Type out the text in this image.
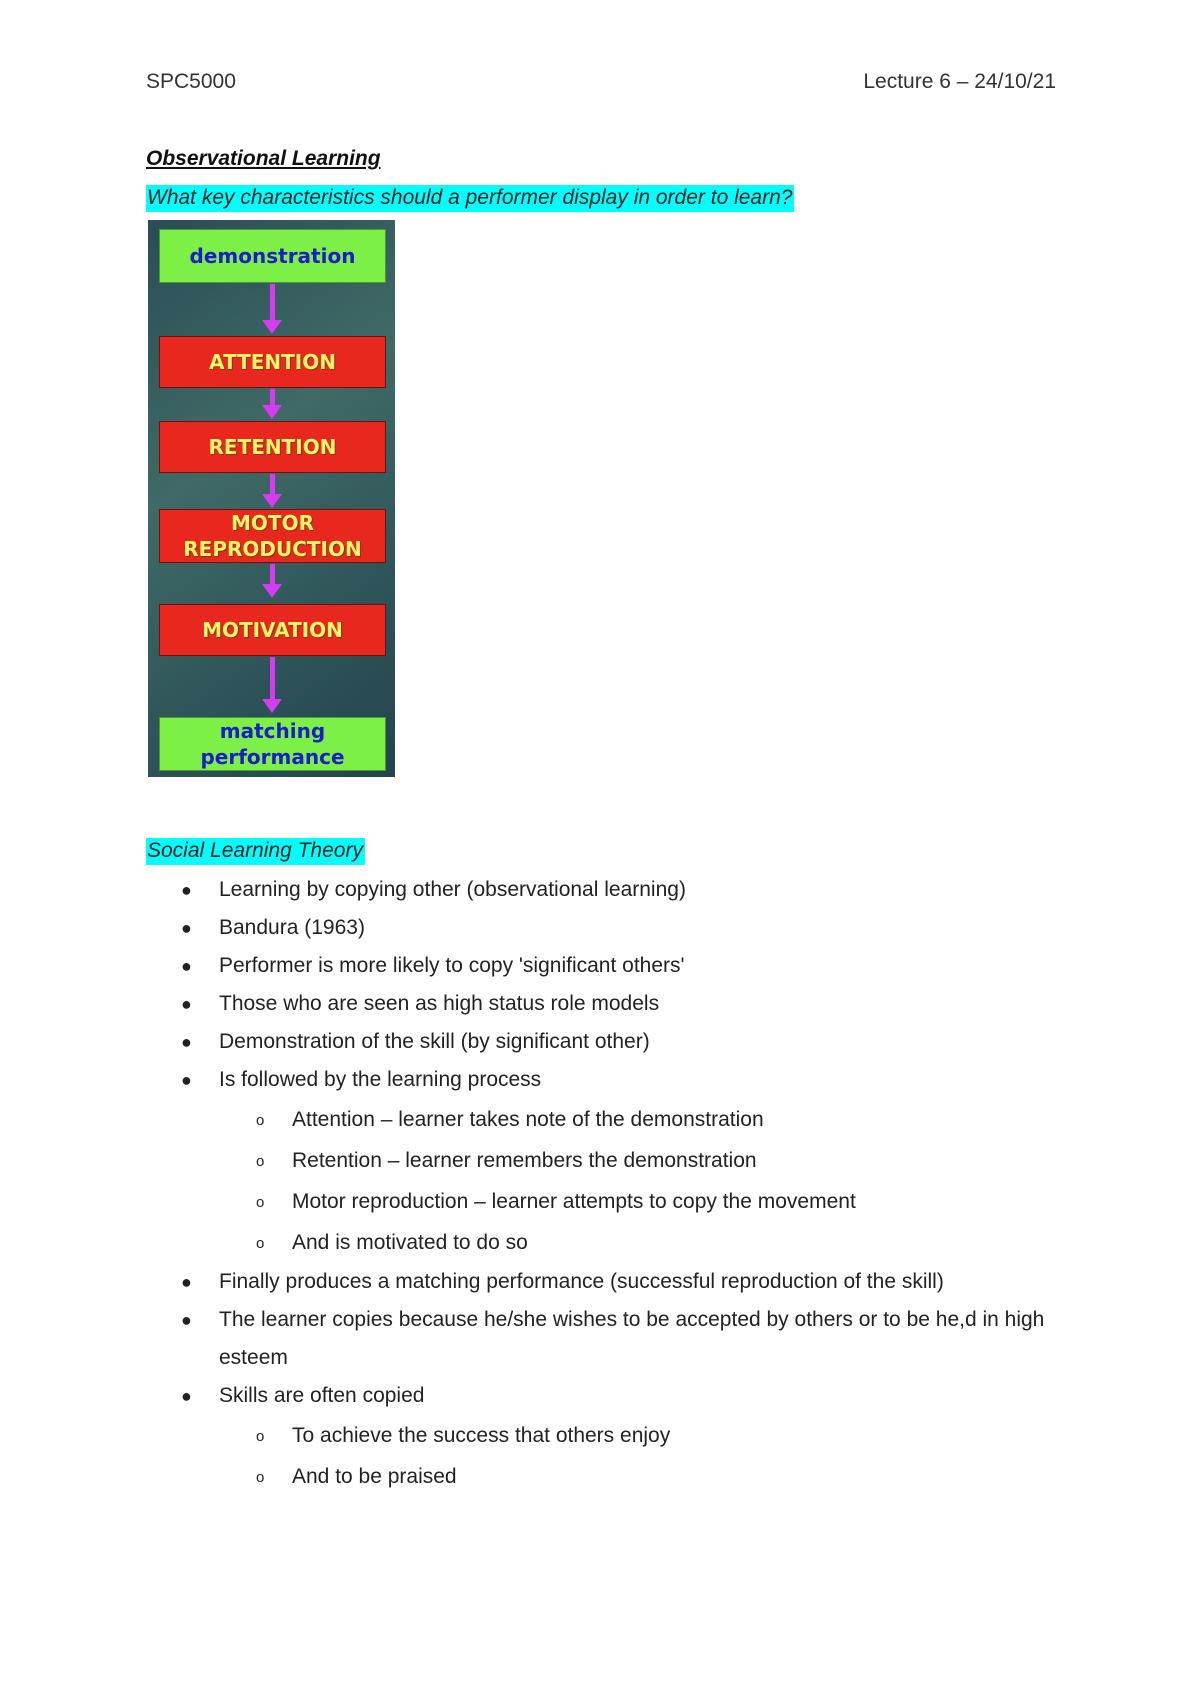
SPC5000	Lecture 6 – 24/10/21
Observational Learning
What key characteristics should a performer display in order to learn?
demonstration
ATTENTION
RETENTION
MOTOR
REPRODUCTION
MOTIVATION
matching
performance
Social Learning Theory
● Learning by copying other (observational learning)
● Bandura (1963)
● Performer is more likely to copy 'significant others'
● Those who are seen as high status role models
● Demonstration of the skill (by significant other)
● Is followed by the learning process
o Attention – learner takes note of the demonstration
o Retention – learner remembers the demonstration
o Motor reproduction – learner attempts to copy the movement
o And is motivated to do so
● Finally produces a matching performance (successful reproduction of the skill)
● The learner copies because he/she wishes to be accepted by others or to be he,d in high esteem
● Skills are often copied
o To achieve the success that others enjoy
o And to be praised
